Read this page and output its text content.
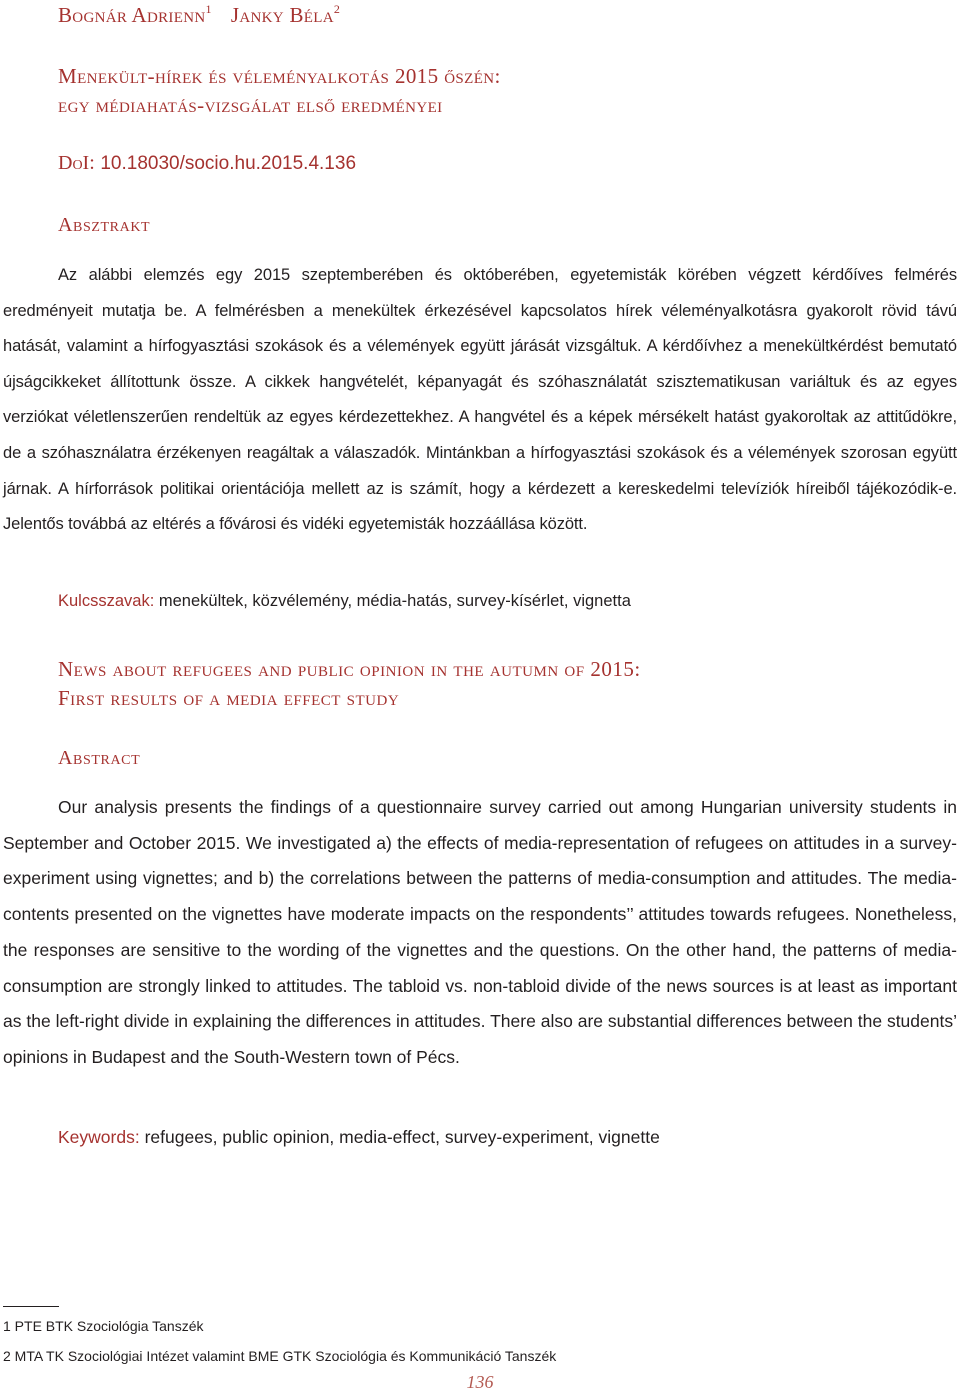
Bognár Adrienn$^1$ Janky Béla$^2$
Menekült-hírek és véleményalkotás 2015 őszén:
egy médiahatás-vizsgálat első eredményei
DoI: 10.18030/socio.hu.2015.4.136
Absztrakt

Az alábbi elemzés egy 2015 szeptemberében és októberében, egyetemisták körében végzett kérdőíves felmérés eredményeit mutatja be. A felmérésben a menekültek érkezésével kapcsolatos hírek véleményalkotásra gyakorolt rövid távú hatását, valamint a hírfogyasztási szokások és a vélemények együtt járását vizsgáltuk. A kérdőívhez a menekültkérdést bemutató újságcikkeket állítottunk össze. A cikkek hangvételét, képanyagát és szóhasználatát szisztematikusan variáltuk és az egyes verziókat véletlenszerűen rendeltük az egyes kérdezettekhez. A hangvétel és a képek mérsékelt hatást gyakoroltak az attitűdökre, de a szóhasználatra érzékenyen reagáltak a válaszadók. Mintánkban a hírfogyasztási szokások és a vélemények szorosan együtt járnak. A hírforrások politikai orientációja mellett az is számít, hogy a kérdezett a kereskedelmi televíziók híreiből tájékozódik-e. Jelentős továbbá az eltérés a fővárosi és vidéki egyetemisták hozzáállása között.

Kulcsszavak: menekültek, közvélemény, média-hatás, survey-kísérlet, vignetta
News about refugees and public opinion in the autumn of 2015:
First results of a media effect study
Abstract

Our analysis presents the findings of a questionnaire survey carried out among Hungarian university students in September and October 2015. We investigated a) the effects of media-representation of refugees on attitudes in a survey-experiment using vignettes; and b) the correlations between the patterns of media-consumption and attitudes. The media-contents presented on the vignettes have moderate impacts on the respondents’’ attitudes towards refugees. Nonetheless, the responses are sensitive to the wording of the vignettes and the questions. On the other hand, the patterns of media-consumption are strongly linked to attitudes. The tabloid vs. non-tabloid divide of the news sources is at least as important as the left-right divide in explaining the differences in attitudes. There also are substantial differences between the students’ opinions in Budapest and the South-Western town of Pécs.

Keywords: refugees, public opinion, media-effect, survey-experiment, vignette
1 PTE BTK Szociológia Tanszék
2 MTA TK Szociológiai Intézet valamint BME GTK Szociológia és Kommunikáció Tanszék
136
